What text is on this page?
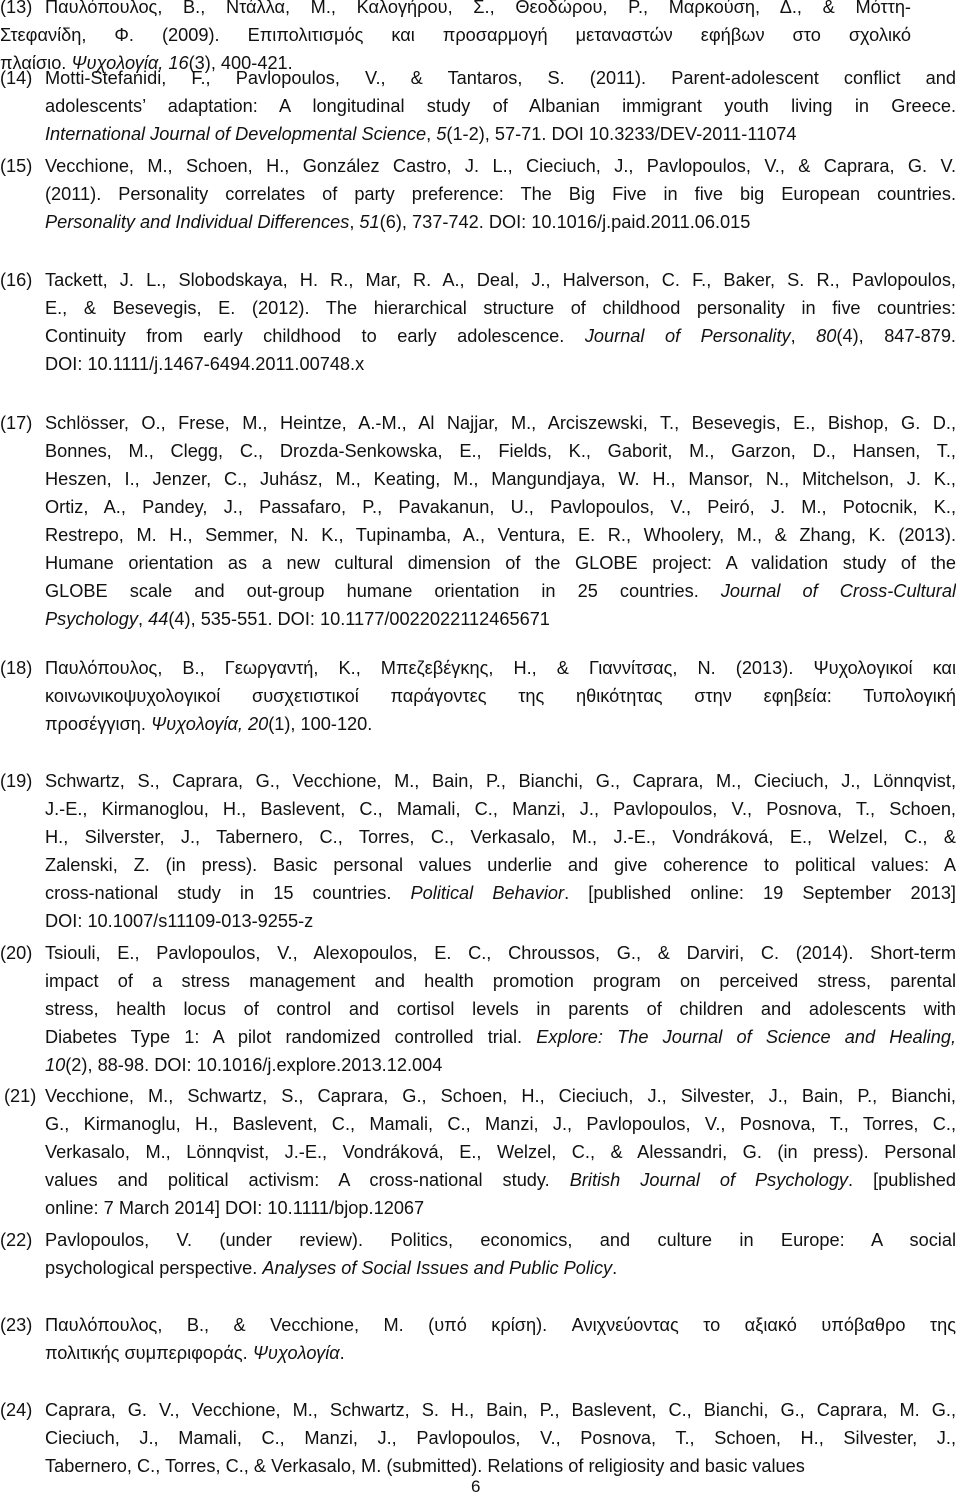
(13) Παυλόπουλος, Β., Ντάλλα, Μ., Καλογήρου, Σ., Θεοδώρου, Ρ., Μαρκούση, Δ., & Μόττη-
Στεφανίδη, Φ. (2009). Επιπολιτισμός και προσαρμογή μεταναστών εφήβων στο σχολικό
πλαίσιο. Ψυχολογία, 16(3), 400-421.
(14) Motti-Stefanidi, F., Pavlopoulos, V., & Tantaros, S. (2011). Parent-adolescent conflict and
adolescents’ adaptation: A longitudinal study of Albanian immigrant youth living in Greece.
International Journal of Developmental Science, 5(1-2), 57-71. DOI 10.3233/DEV-2011-11074
(15) Vecchione, M., Schoen, H., González Castro, J. L., Cieciuch, J., Pavlopoulos, V., & Caprara, G. V.
(2011). Personality correlates of party preference: The Big Five in five big European countries.
Personality and Individual Differences, 51(6), 737-742. DOI: 10.1016/j.paid.2011.06.015
(16) Tackett, J. L., Slobodskaya, H. R., Mar, R. A., Deal, J., Halverson, C. F., Baker, S. R., Pavlopoulos,
E., & Besevegis, E. (2012). The hierarchical structure of childhood personality in five countries:
Continuity from early childhood to early adolescence. Journal of Personality, 80(4), 847-879.
DOI: 10.1111/j.1467-6494.2011.00748.x
(17) Schlösser, O., Frese, M., Heintze, A.-M., Al Najjar, M., Arciszewski, T., Besevegis, E., Bishop, G. D.,
Bonnes, M., Clegg, C., Drozda-Senkowska, E., Fields, K., Gaborit, M., Garzon, D., Hansen, T.,
Heszen, I., Jenzer, C., Juhász, M., Keating, M., Mangundjaya, W. H., Mansor, N., Mitchelson, J. K.,
Ortiz, A., Pandey, J., Passafaro, P., Pavakanun, U., Pavlopoulos, V., Peiró, J. M., Potocnik, K.,
Restrepo, M. H., Semmer, N. K., Tupinamba, A., Ventura, E. R., Whoolery, M., & Zhang, K. (2013).
Humane orientation as a new cultural dimension of the GLOBE project: A validation study of the
GLOBE scale and out-group humane orientation in 25 countries. Journal of Cross-Cultural
Psychology, 44(4), 535-551. DOI: 10.1177/0022022112465671
(18) Παυλόπουλος, Β., Γεωργαντή, Κ., Μπεζεβέγκης, Η., & Γιαννίτσας, Ν. (2013). Ψυχολογικοί και
κοινωνικοψυχολογικοί συσχετιστικοί παράγοντες της ηθικότητας στην εφηβεία: Τυπολογική
προσέγγιση. Ψυχολογία, 20(1), 100-120.
(19) Schwartz, S., Caprara, G., Vecchione, M., Bain, P., Bianchi, G., Caprara, M., Cieciuch, J., Lönnqvist,
J.-E., Kirmanoglou, H., Baslevent, C., Mamali, C., Manzi, J., Pavlopoulos, V., Posnova, T., Schoen,
H., Silverster, J., Tabernero, C., Torres, C., Verkasalo, M., J.-E., Vondráková, E., Welzel, C., &
Zalenski, Z. (in press). Basic personal values underlie and give coherence to political values: A
cross-national study in 15 countries. Political Behavior. [published online: 19 September 2013]
DOI: 10.1007/s11109-013-9255-z
(20) Tsiouli, E., Pavlopoulos, V., Alexopoulos, E. C., Chroussos, G., & Darviri, C. (2014). Short-term
impact of a stress management and health promotion program on perceived stress, parental
stress, health locus of control and cortisol levels in parents of children and adolescents with
Diabetes Type 1: A pilot randomized controlled trial. Explore: The Journal of Science and Healing,
10(2), 88-98. DOI: 10.1016/j.explore.2013.12.004
(21) Vecchione, M., Schwartz, S., Caprara, G., Schoen, H., Cieciuch, J., Silvester, J., Bain, P., Bianchi,
G., Kirmanoglu, H., Baslevent, C., Mamali, C., Manzi, J., Pavlopoulos, V., Posnova, T., Torres, C.,
Verkasalo, M., Lönnqvist, J.-E., Vondráková, E., Welzel, C., & Alessandri, G. (in press). Personal
values and political activism: A cross-national study. British Journal of Psychology. [published
online: 7 March 2014] DOI: 10.1111/bjop.12067
(22) Pavlopoulos, V. (under review). Politics, economics, and culture in Europe: A social
psychological perspective. Analyses of Social Issues and Public Policy.
(23) Παυλόπουλος, Β., & Vecchione, M. (υπό κρίση). Ανιχνεύοντας το αξιακό υπόβαθρο της
πολιτικής συμπεριφοράς. Ψυχολογία.
(24) Caprara, G. V., Vecchione, M., Schwartz, S. H., Bain, P., Baslevent, C., Bianchi, G., Caprara, M. G.,
Cieciuch, J., Mamali, C., Manzi, J., Pavlopoulos, V., Posnova, T., Schoen, H., Silvester, J.,
Tabernero, C., Torres, C., & Verkasalo, M. (submitted). Relations of religiosity and basic values
6
